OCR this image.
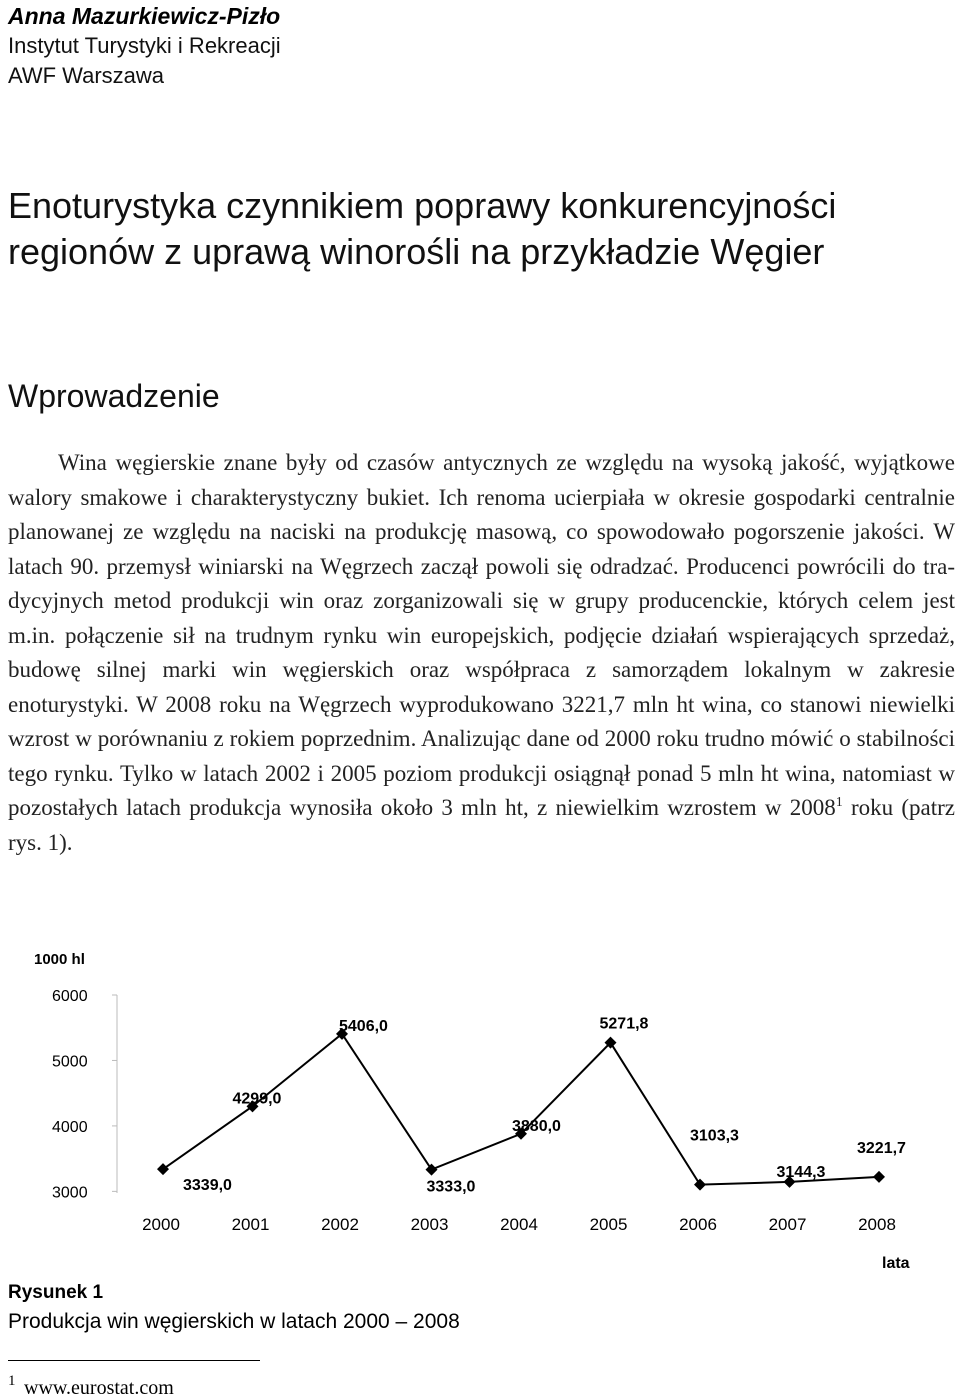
Anna Mazurkiewicz-Pizło
Instytut Turystyki i Rekreacji
AWF Warszawa
Enoturystyka czynnikiem poprawy konkurencyjności regionów z uprawą winorośli na przykładzie Węgier
Wprowadzenie

Wina węgierskie znane były od czasów antycznych ze względu na wysoką jakość, wyjątkowe walory smakowe i charakterystyczny bukiet. Ich renoma ucierpiała w okresie gospodarki centralnie planowanej ze względu na naciski na produkcję masową, co spowodowało pogorszenie jakości. W latach 90. przemysł winiarski na Węgrzech zaczął powoli się odradzać. Producenci powrócili do tradycyjnych metod produkcji win oraz zorganizowali się w grupy producenckie, których celem jest m.in. połączenie sił na trudnym rynku win europejskich, podjęcie działań wspierających sprzedaż, budowę silnej marki win węgierskich oraz współpraca z samorządem lokalnym w zakresie enoturystyki. W 2008 roku na Węgrzech wyprodukowano 3221,7 mln ht wina, co stanowi niewielki wzrost w porównaniu z rokiem poprzednim. Analizując dane od 2000 roku trudno mówić o stabilności tego rynku. Tylko w latach 2002 i 2005 poziom produkcji osiągnął ponad 5 mln ht wina, natomiast w pozostałych latach produkcja wynosiła około 3 mln ht, z niewielkim wzrostem w 2008$^1$ roku (patrz rys. 1).

1000 hl
6000
5000
4000
3000	3339,0
4299,0
5406,0
3333,0
3880,0
5271,8
3103,3
3144,3
3221,7
2000	2001	2002	2003	2004	2005	2006	2007	2008
lata
Rysunek 1
Produkcja win węgierskich w latach 2000 – 2008
1 www.eurostat.com
